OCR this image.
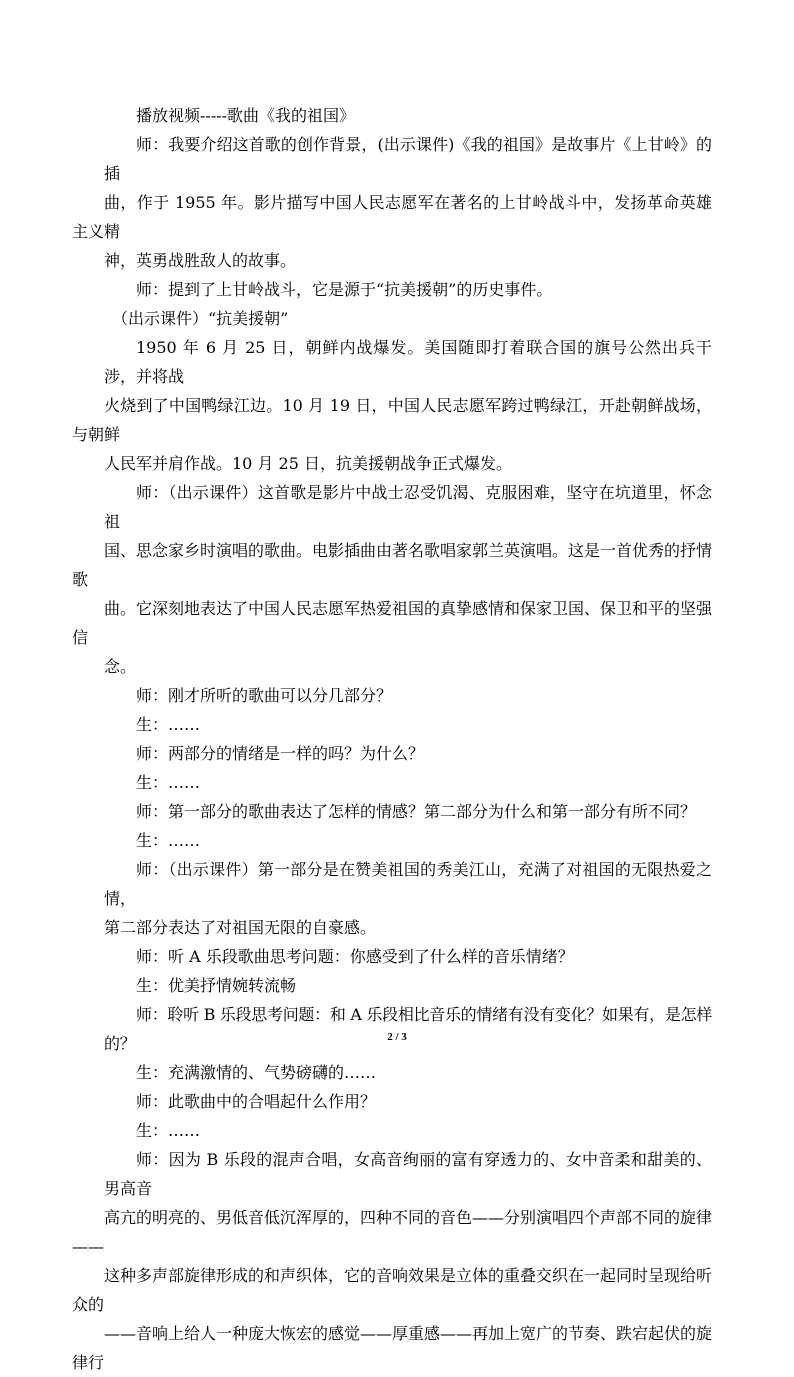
播放视频-----歌曲《我的祖国》

师：我要介绍这首歌的创作背景，(出示课件)《我的祖国》是故事片《上甘岭》的插
曲，作于 1955 年。影片描写中国人民志愿军在著名的上甘岭战斗中，发扬革命英雄主义精
神，英勇战胜敌人的故事。

师：提到了上甘岭战斗，它是源于“抗美援朝”的历史事件。

（出示课件）“抗美援朝”

1950 年 6 月 25 日，朝鲜内战爆发。美国随即打着联合国的旗号公然出兵干涉，并将战
火烧到了中国鸭绿江边。10 月 19 日，中国人民志愿军跨过鸭绿江，开赴朝鲜战场，与朝鲜
人民军并肩作战。10 月 25 日，抗美援朝战争正式爆发。

师：（出示课件）这首歌是影片中战士忍受饥渴、克服困难，坚守在坑道里，怀念祖
国、思念家乡时演唱的歌曲。电影插曲由著名歌唱家郭兰英演唱。这是一首优秀的抒情歌
曲。它深刻地表达了中国人民志愿军热爱祖国的真挚感情和保家卫国、保卫和平的坚强信
念。

师：刚才所听的歌曲可以分几部分？

生：……

师：两部分的情绪是一样的吗？为什么？

生：……

师：第一部分的歌曲表达了怎样的情感？第二部分为什么和第一部分有所不同？

生：……

师：（出示课件）第一部分是在赞美祖国的秀美江山，充满了对祖国的无限热爱之情，
第二部分表达了对祖国无限的自豪感。

师：听 A 乐段歌曲思考问题：你感受到了什么样的音乐情绪？

生：优美抒情婉转流畅

师：聆听 B 乐段思考问题：和 A 乐段相比音乐的情绪有没有变化？如果有，是怎样的？

生：充满激情的、气势磅礴的……

师：此歌曲中的合唱起什么作用？

生：……

师：因为 B 乐段的混声合唱，女高音绚丽的富有穿透力的、女中音柔和甜美的、男高音
高亢的明亮的、男低音低沉浑厚的，四种不同的音色——分别演唱四个声部不同的旋律——
这种多声部旋律形成的和声织体，它的音响效果是立体的重叠交织在一起同时呈现给听众的
——音响上给人一种庞大恢宏的感觉——厚重感——再加上宽广的节奏、跌宕起伏的旋律行

2 / 3
